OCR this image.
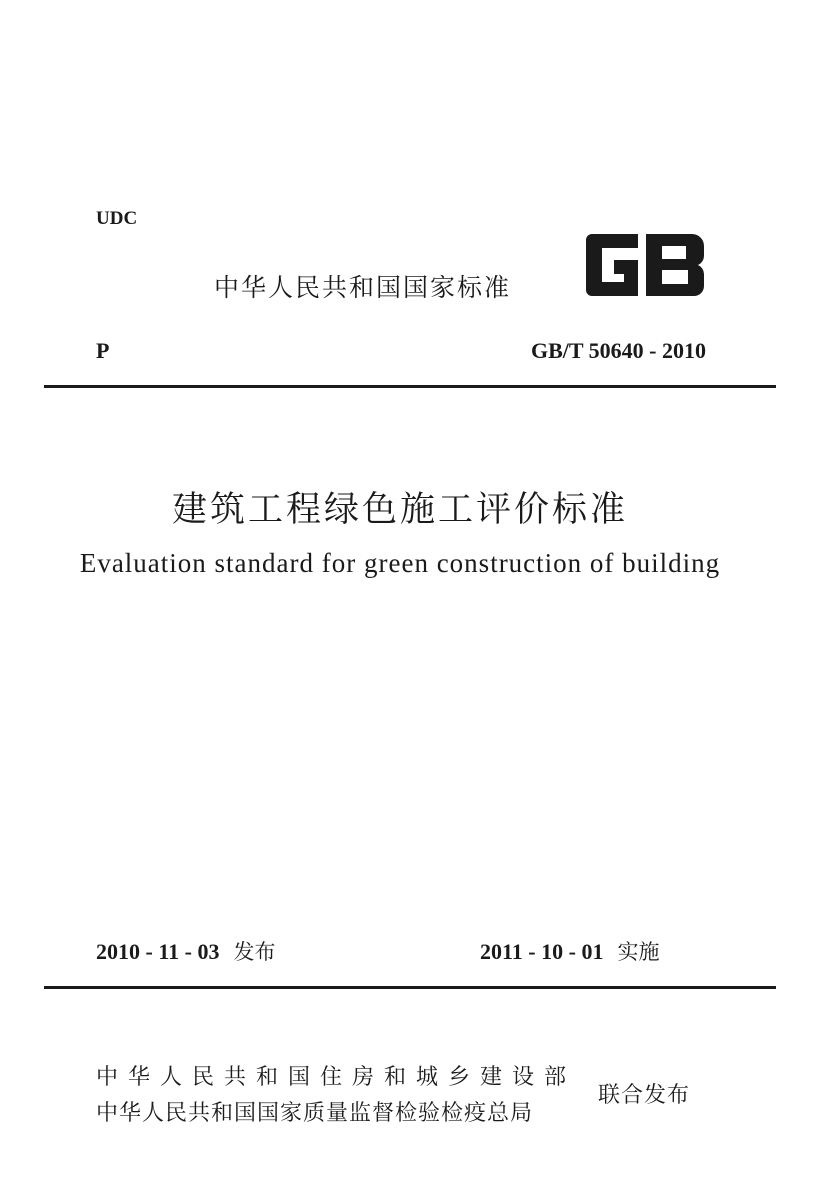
UDC
中华人民共和国国家标准
P	GB/T 50640 - 2010
建筑工程绿色施工评价标准
Evaluation standard for green construction of building
2010 - 11 - 03 发布	2011 - 10 - 01 实施
中华人民共和国住房和城乡建设部
中华人民共和国国家质量监督检验检疫总局
联合发布
